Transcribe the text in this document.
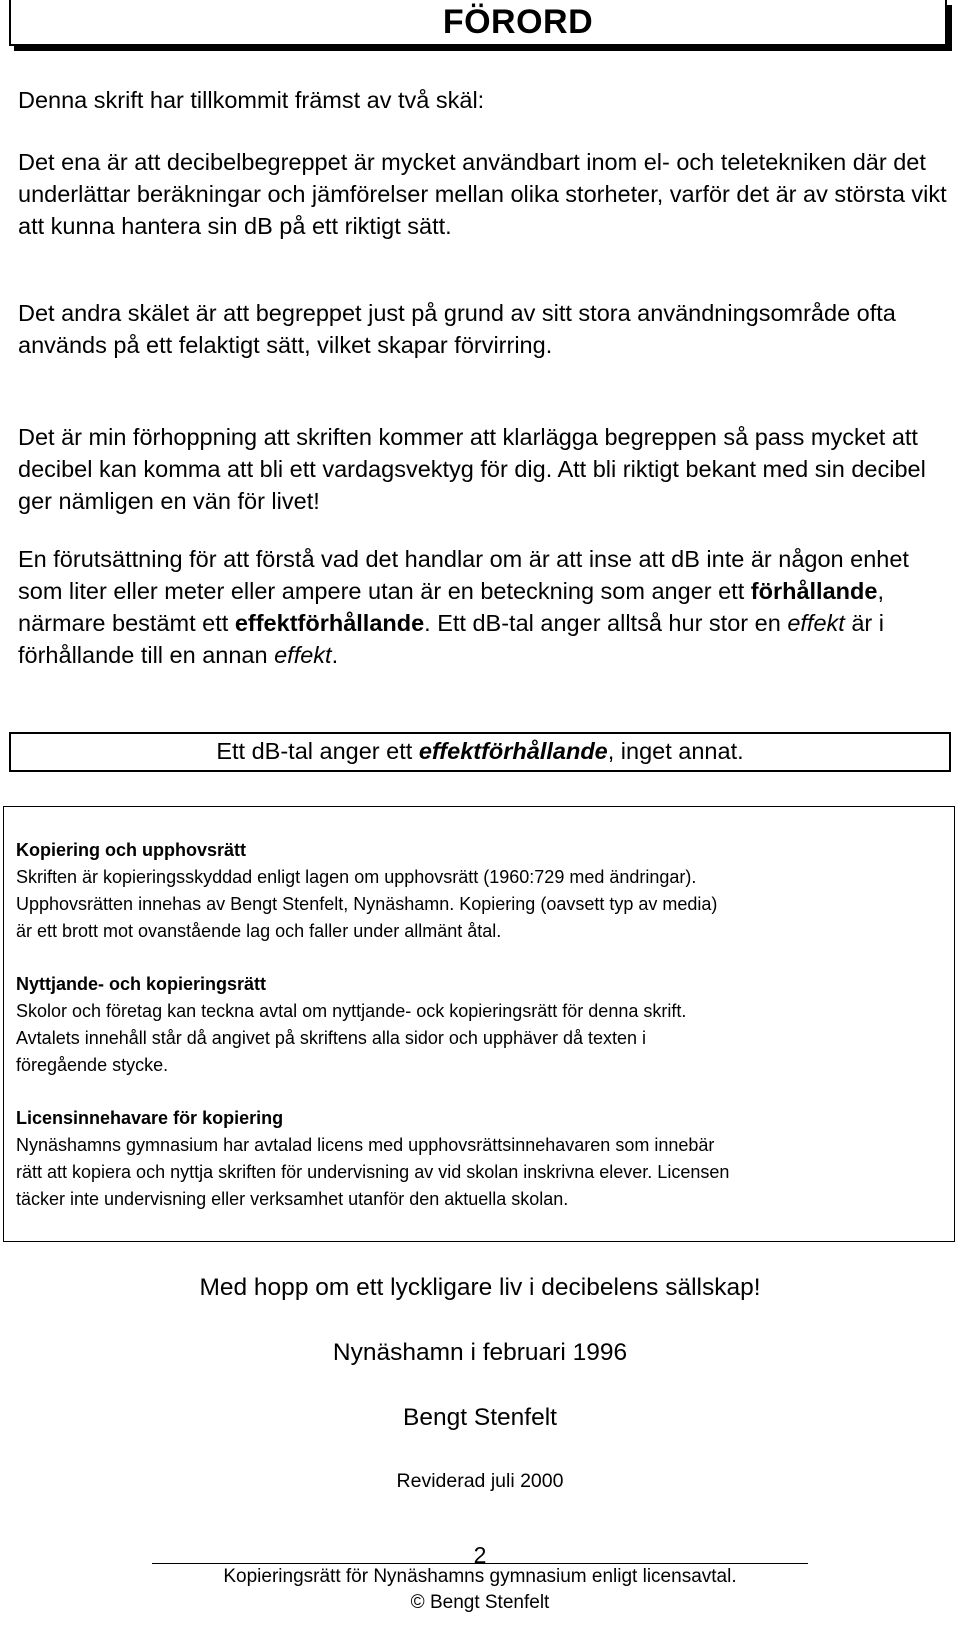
FÖRORD

Denna skrift har tillkommit främst av två skäl:

Det ena är att decibelbegreppet är mycket användbart inom el- och teletekniken där det underlättar beräkningar och jämförelser mellan olika storheter, varför det är av största vikt att kunna hantera sin dB på ett riktigt sätt.

Det andra skälet är att begreppet just på grund av sitt stora användningsområde ofta används på ett felaktigt sätt, vilket skapar förvirring.

Det är min förhoppning att skriften kommer att klarlägga begreppen så pass mycket att decibel kan komma att bli ett vardagsvektyg för dig. Att bli riktigt bekant med sin decibel ger nämligen en vän för livet!

En förutsättning för att förstå vad det handlar om är att inse att dB inte är någon enhet som liter eller meter eller ampere utan är en beteckning som anger ett förhållande, närmare bestämt ett effektförhållande. Ett dB-tal anger alltså hur stor en effekt är i förhållande till en annan effekt.

Ett dB-tal anger ett effektförhållande, inget annat.

Kopiering och upphovsrätt

Skriften är kopieringsskyddad enligt lagen om upphovsrätt (1960:729 med ändringar).

Upphovsrätten innehas av Bengt Stenfelt, Nynäshamn. Kopiering (oavsett typ av media)

är ett brott mot ovanstående lag och faller under allmänt åtal.

Nyttjande- och kopieringsrätt

Skolor och företag kan teckna avtal om nyttjande- ock kopieringsrätt för denna skrift.

Avtalets innehåll står då angivet på skriftens alla sidor och upphäver då texten i

föregående stycke.

Licensinnehavare för kopiering

Nynäshamns gymnasium har avtalad licens med upphovsrättsinnehavaren som innebär

rätt att kopiera och nyttja skriften för undervisning av vid skolan inskrivna elever. Licensen

täcker inte undervisning eller verksamhet utanför den aktuella skolan.

Med hopp om ett lyckligare liv i decibelens sällskap!

Nynäshamn i februari 1996

Bengt Stenfelt

Reviderad juli 2000

2
Kopieringsrätt för Nynäshamns gymnasium enligt licensavtal.
© Bengt Stenfelt
